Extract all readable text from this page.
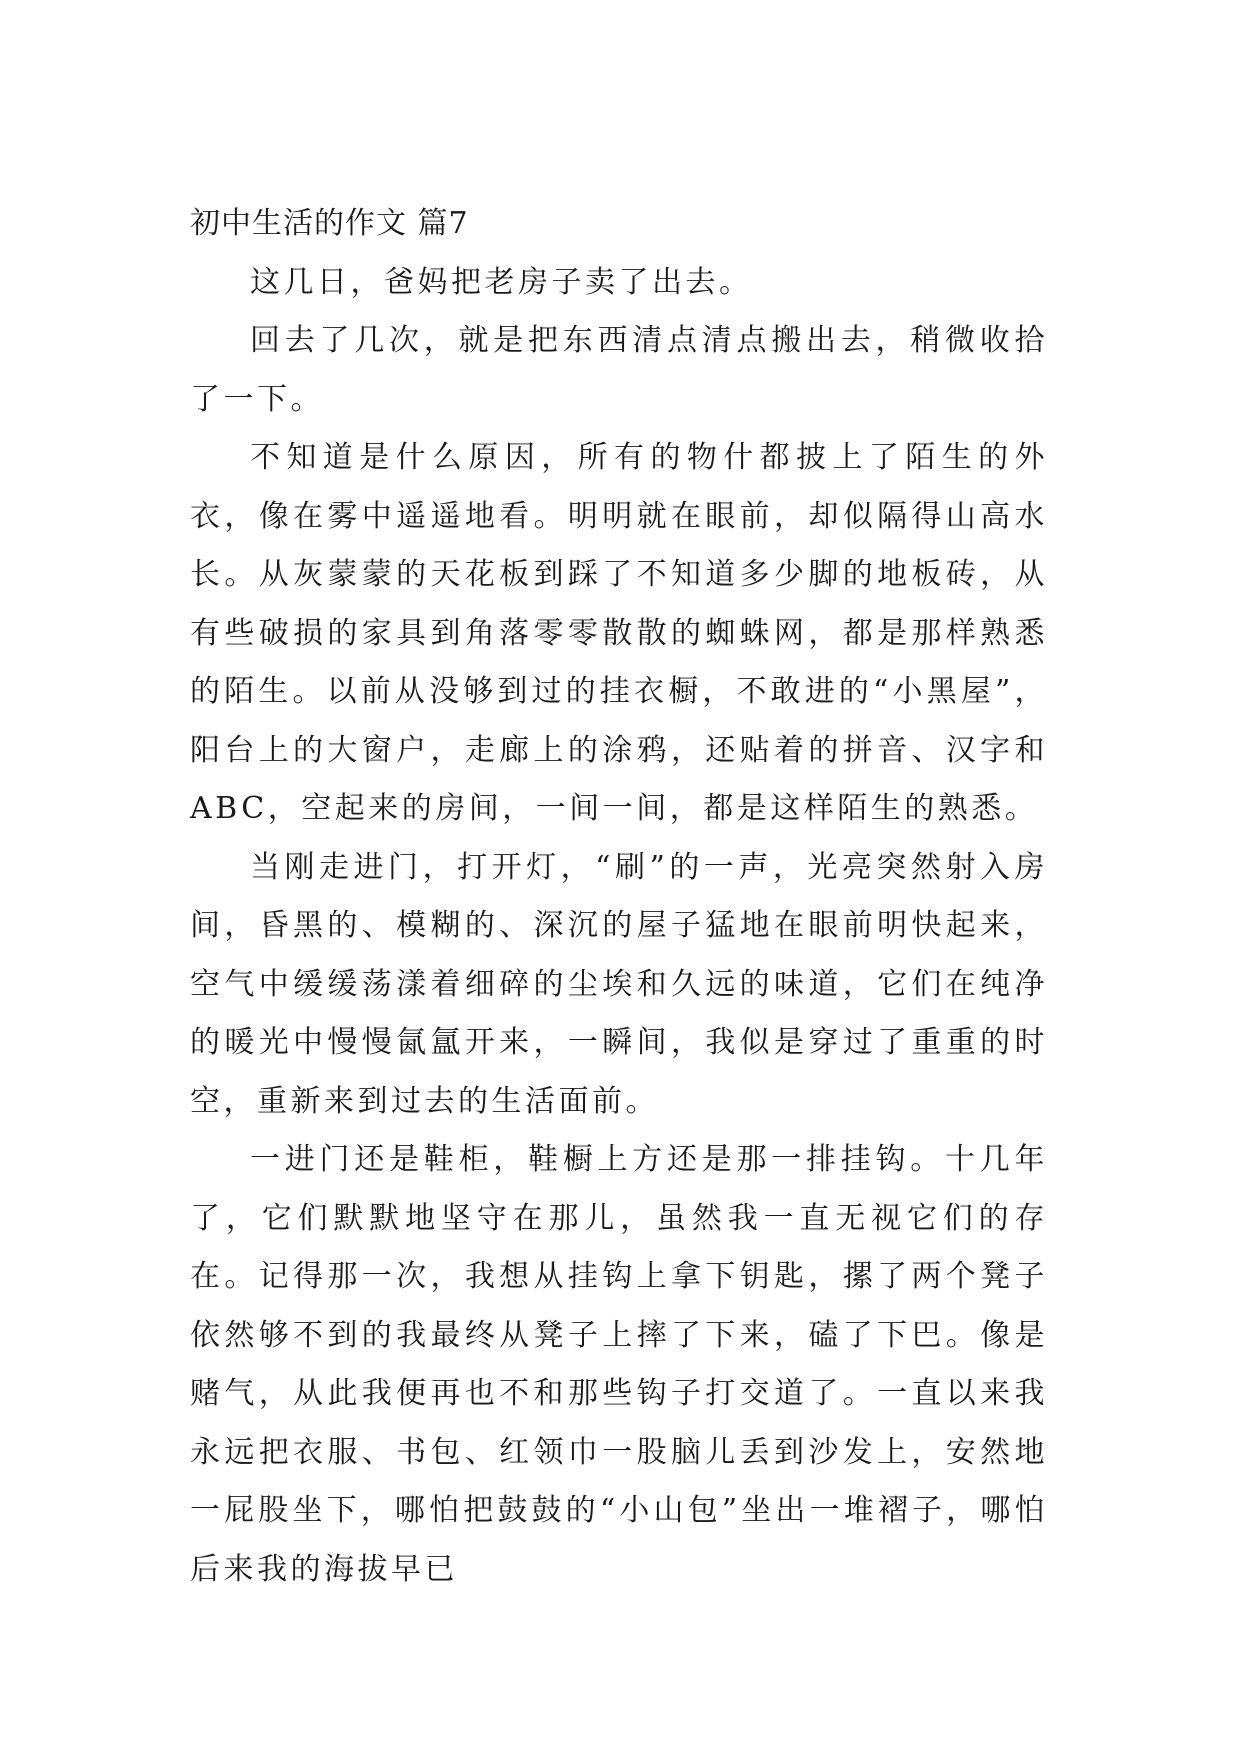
初中生活的作文 篇7

这几日，爸妈把老房子卖了出去。

回去了几次，就是把东西清点清点搬出去，稍微收拾了一下。

不知道是什么原因，所有的物什都披上了陌生的外衣，像在雾中遥遥地看。明明就在眼前，却似隔得山高水长。从灰蒙蒙的天花板到踩了不知道多少脚的地板砖，从有些破损的家具到角落零零散散的蜘蛛网，都是那样熟悉的陌生。以前从没够到过的挂衣橱，不敢进的“小黑屋”，阳台上的大窗户，走廊上的涂鸦，还贴着的拼音、汉字和ABC，空起来的房间，一间一间，都是这样陌生的熟悉。

当刚走进门，打开灯，“刷”的一声，光亮突然射入房间，昏黑的、模糊的、深沉的屋子猛地在眼前明快起来，空气中缓缓荡漾着细碎的尘埃和久远的味道，它们在纯净的暖光中慢慢氤氲开来，一瞬间，我似是穿过了重重的时空，重新来到过去的生活面前。

一进门还是鞋柜，鞋橱上方还是那一排挂钩。十几年了，它们默默地坚守在那儿，虽然我一直无视它们的存在。记得那一次，我想从挂钩上拿下钥匙，摞了两个凳子依然够不到的我最终从凳子上摔了下来，磕了下巴。像是赌气，从此我便再也不和那些钩子打交道了。一直以来我永远把衣服、书包、红领巾一股脑儿丢到沙发上，安然地一屁股坐下，哪怕把鼓鼓的“小山包”坐出一堆褶子，哪怕后来我的海拔早已
